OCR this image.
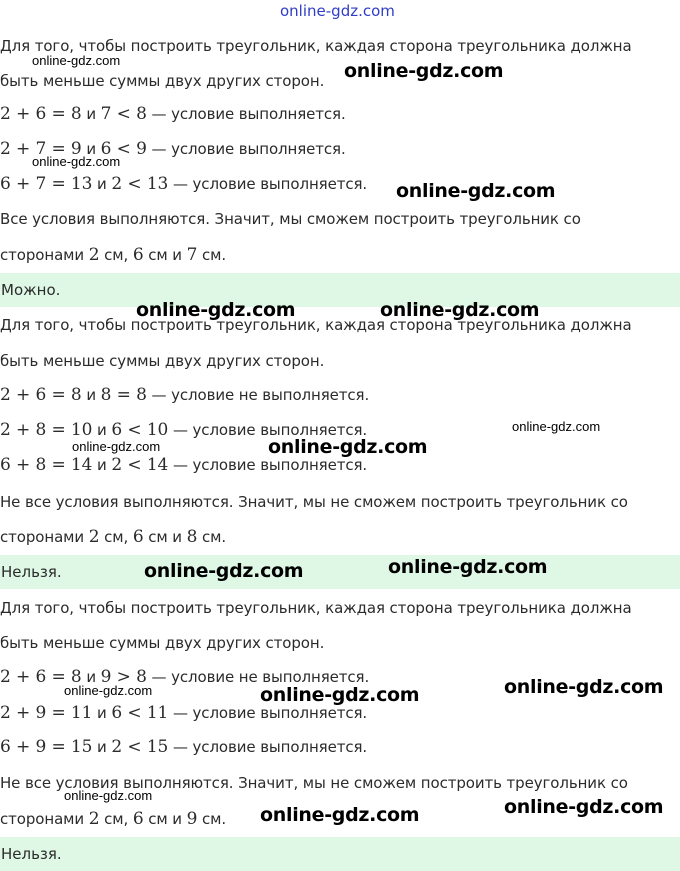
online-gdz.com
Для того, чтобы построить треугольник, каждая сторона треугольника должна
быть меньше суммы двух других сторон.
2 + 6 = 8 и 7 < 8 — условие выполняется.
2 + 7 = 9 и 6 < 9 — условие выполняется.
6 + 7 = 13 и 2 < 13 — условие выполняется.
Все условия выполняются. Значит, мы сможем построить треугольник со
сторонами 2 см, 6 см и 7 см.
Можно.
Для того, чтобы построить треугольник, каждая сторона треугольника должна
быть меньше суммы двух других сторон.
2 + 6 = 8 и 8 = 8 — условие не выполняется.
2 + 8 = 10 и 6 < 10 — условие выполняется.
6 + 8 = 14 и 2 < 14 — условие выполняется.
Не все условия выполняются. Значит, мы не сможем построить треугольник со
сторонами 2 см, 6 см и 8 см.
Нельзя.
Для того, чтобы построить треугольник, каждая сторона треугольника должна
быть меньше суммы двух других сторон.
2 + 6 = 8 и 9 > 8 — условие не выполняется.
2 + 9 = 11 и 6 < 11 — условие выполняется.
6 + 9 = 15 и 2 < 15 — условие выполняется.
Не все условия выполняются. Значит, мы не сможем построить треугольник со
сторонами 2 см, 6 см и 9 см.
Нельзя.
online-gdz.com	online-gdz.com
online-gdz.com
online-gdz.com
online-gdz.com	online-gdz.com
online-gdz.com
online-gdz.com	online-gdz.com
online-gdz.com	online-gdz.com
online-gdz.com	online-gdz.com	online-gdz.com
online-gdz.com
online-gdz.com	online-gdz.com
